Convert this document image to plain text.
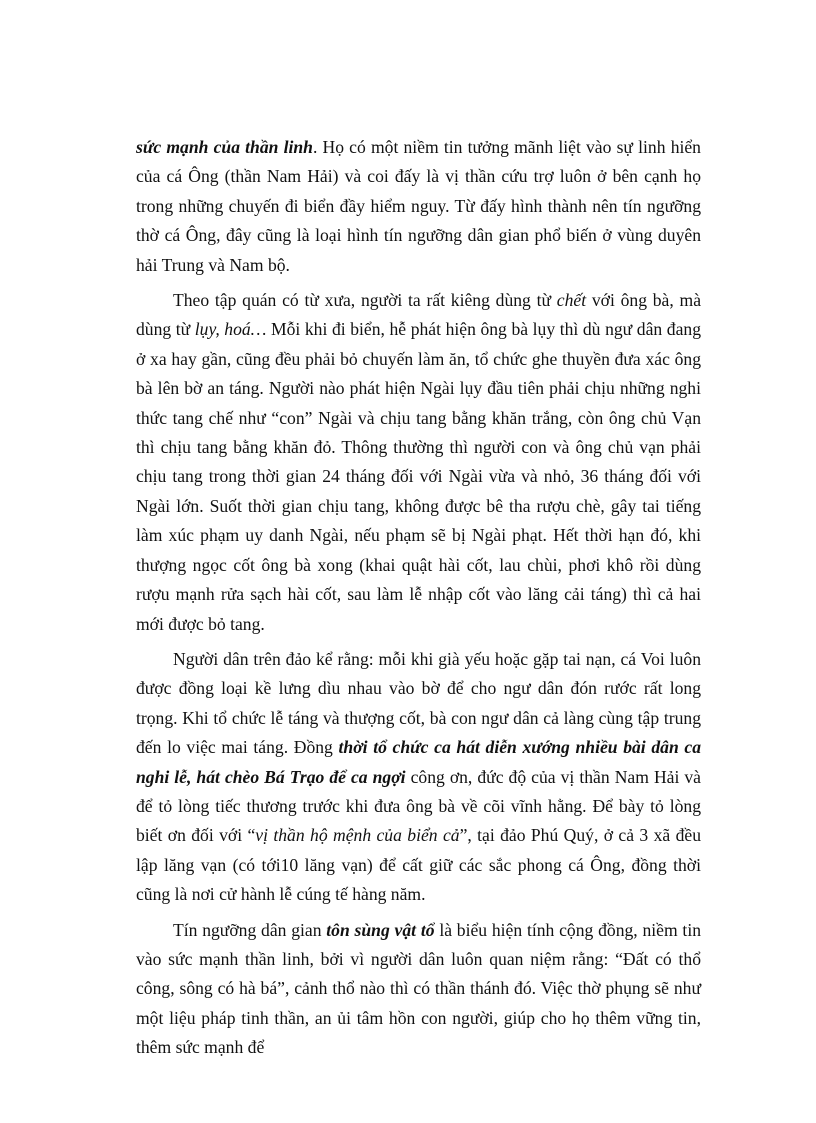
sức mạnh của thần linh. Họ có một niềm tin tưởng mãnh liệt vào sự linh hiển của cá Ông (thần Nam Hải) và coi đấy là vị thần cứu trợ luôn ở bên cạnh họ trong những chuyến đi biển đầy hiểm nguy. Từ đấy hình thành nên tín ngưỡng thờ cá Ông, đây cũng là loại hình tín ngưỡng dân gian phổ biến ở vùng duyên hải Trung và Nam bộ.

Theo tập quán có từ xưa, người ta rất kiêng dùng từ chết với ông bà, mà dùng từ lụy, hoá… Mỗi khi đi biển, hễ phát hiện ông bà lụy thì dù ngư dân đang ở xa hay gần, cũng đều phải bỏ chuyến làm ăn, tổ chức ghe thuyền đưa xác ông bà lên bờ an táng. Người nào phát hiện Ngài lụy đầu tiên phải chịu những nghi thức tang chế như “con” Ngài và chịu tang bằng khăn trắng, còn ông chủ Vạn thì chịu tang bằng khăn đỏ. Thông thường thì người con và ông chủ vạn phải chịu tang trong thời gian 24 tháng đối với Ngài vừa và nhỏ, 36 tháng đối với Ngài lớn. Suốt thời gian chịu tang, không được bê tha rượu chè, gây tai tiếng làm xúc phạm uy danh Ngài, nếu phạm sẽ bị Ngài phạt. Hết thời hạn đó, khi thượng ngọc cốt ông bà xong (khai quật hài cốt, lau chùi, phơi khô rồi dùng rượu mạnh rửa sạch hài cốt, sau làm lễ nhập cốt vào lăng cải táng) thì cả hai mới được bỏ tang.

Người dân trên đảo kể rằng: mỗi khi già yếu hoặc gặp tai nạn, cá Voi luôn được đồng loại kề lưng dìu nhau vào bờ để cho ngư dân đón rước rất long trọng. Khi tổ chức lễ táng và thượng cốt, bà con ngư dân cả làng cùng tập trung đến lo việc mai táng. Đồng thời tổ chức ca hát diễn xướng nhiều bài dân ca nghi lễ, hát chèo Bá Trạo để ca ngợi công ơn, đức độ của vị thần Nam Hải và để tỏ lòng tiếc thương trước khi đưa ông bà về cõi vĩnh hằng. Để bày tỏ lòng biết ơn đối với “vị thần hộ mệnh của biển cả”, tại đảo Phú Quý, ở cả 3 xã đều lập lăng vạn (có tới10 lăng vạn) để cất giữ các sắc phong cá Ông, đồng thời cũng là nơi cử hành lễ cúng tế hàng năm.

Tín ngưỡng dân gian tôn sùng vật tổ là biểu hiện tính cộng đồng, niềm tin vào sức mạnh thần linh, bởi vì người dân luôn quan niệm rằng: “Đất có thổ công, sông có hà bá”, cảnh thổ nào thì có thần thánh đó. Việc thờ phụng sẽ như một liệu pháp tinh thần, an ủi tâm hồn con người, giúp cho họ thêm vững tin, thêm sức mạnh để
